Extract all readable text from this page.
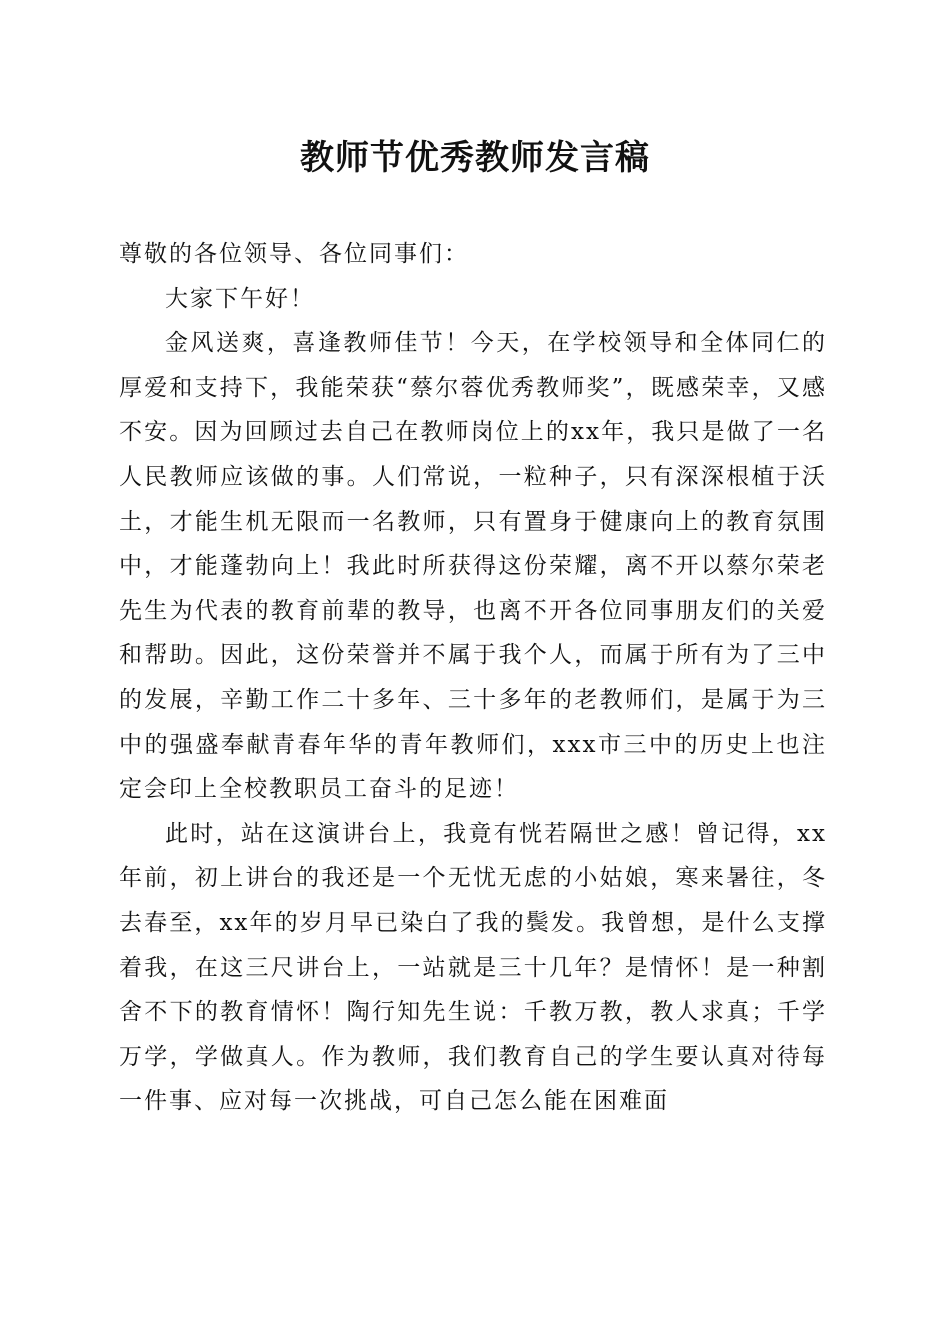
教师节优秀教师发言稿

尊敬的各位领导、各位同事们：

大家下午好！

金风送爽，喜逢教师佳节！今天，在学校领导和全体同仁的厚爱和支持下，我能荣获“蔡尔蓉优秀教师奖”，既感荣幸，又感不安。因为回顾过去自己在教师岗位上的xx年，我只是做了一名人民教师应该做的事。人们常说，一粒种子，只有深深根植于沃土，才能生机无限而一名教师，只有置身于健康向上的教育氛围中，才能蓬勃向上！我此时所获得这份荣耀，离不开以蔡尔荣老先生为代表的教育前辈的教导，也离不开各位同事朋友们的关爱和帮助。因此，这份荣誉并不属于我个人，而属于所有为了三中的发展，辛勤工作二十多年、三十多年的老教师们，是属于为三中的强盛奉献青春年华的青年教师们，xxx市三中的历史上也注定会印上全校教职员工奋斗的足迹！

此时，站在这演讲台上，我竟有恍若隔世之感！曾记得，xx年前，初上讲台的我还是一个无忧无虑的小姑娘，寒来暑往，冬去春至，xx年的岁月早已染白了我的鬓发。我曾想，是什么支撑着我，在这三尺讲台上，一站就是三十几年？是情怀！是一种割舍不下的教育情怀！陶行知先生说：千教万教，教人求真；千学万学，学做真人。作为教师，我们教育自己的学生要认真对待每一件事、应对每一次挑战，可自己怎么能在困难面
